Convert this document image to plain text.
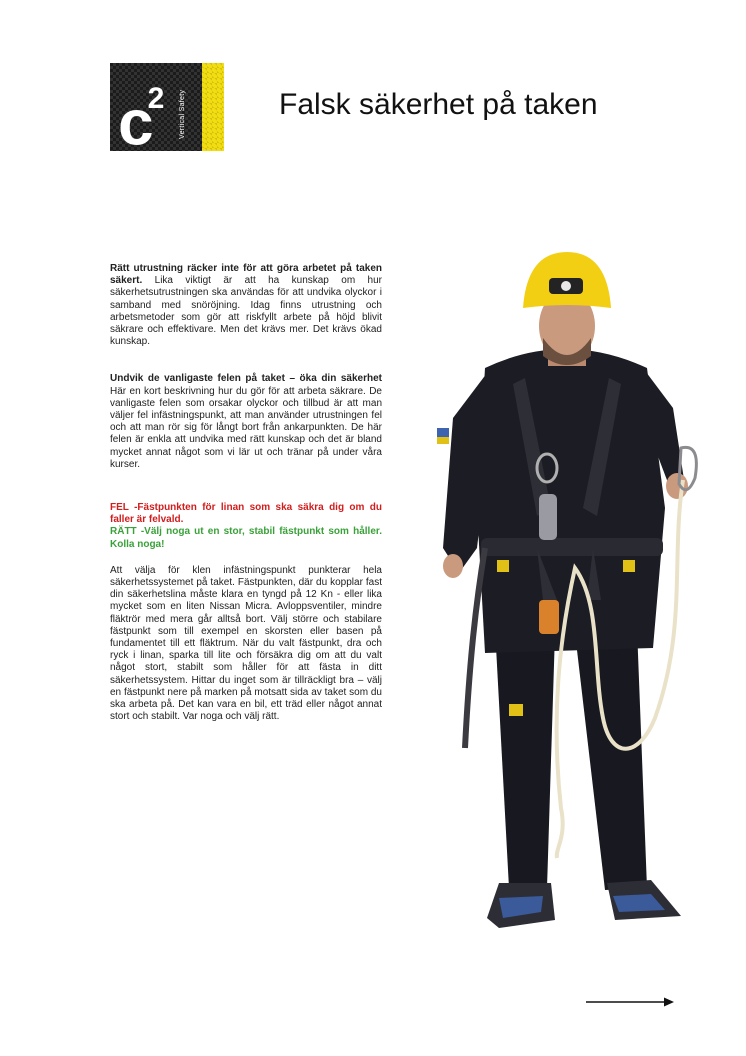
$c^2$ Vertical Safety	Falsk säkerhet på taken

Rätt utrustning räcker inte för att göra arbetet på taken säkert. Lika viktigt är att ha kunskap om hur säkerhetsutrustningen ska användas för att undvika olyckor i samband med snöröjning. Idag finns utrustning och arbetsmetoder som gör att riskfyllt arbete på höjd blivit säkrare och effektivare. Men det krävs mer. Det krävs ökad kunskap.

Undvik de vanligaste felen på taket – öka din säkerhet Här en kort beskrivning hur du gör för att arbeta säkrare. De vanligaste felen som orsakar olyckor och tillbud är att man väljer fel infästningspunkt, att man använder utrustningen fel och att man rör sig för långt bort från ankarpunkten. De här felen är enkla att undvika med rätt kunskap och det är bland mycket annat något som vi lär ut och tränar på under våra kurser.

FEL -Fästpunkten för linan som ska säkra dig om du faller är felvald.

RÄTT -Välj noga ut en stor, stabil fästpunkt som håller. Kolla noga!

Att välja för klen infästningspunkt punkterar hela säkerhetssystemet på taket. Fästpunkten, där du kopplar fast din säkerhetslina måste klara en tyngd på 12 Kn - eller lika mycket som en liten Nissan Micra. Avloppsventiler, mindre fläktrör med mera går alltså bort. Välj större och stabilare fästpunkt som till exempel en skorsten eller basen på fundamentet till ett fläktrum. När du valt fästpunkt, dra och ryck i linan, sparka till lite och försäkra dig om att du valt något stort, stabilt som håller för att fästa in ditt säkerhetssystem. Hittar du inget som är tillräckligt bra – välj en fästpunkt nere på marken på motsatt sida av taket som du ska arbeta på. Det kan vara en bil, ett träd eller något annat stort och stabilt. Var noga och välj rätt.
